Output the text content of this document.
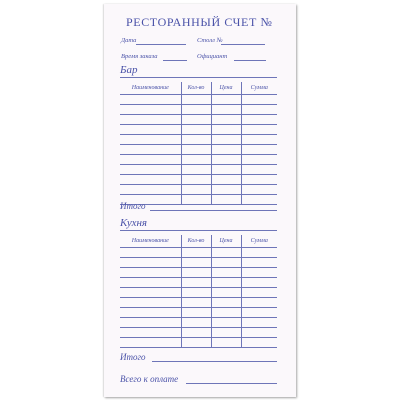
РЕСТОРАННЫЙ СЧЕТ №
Дата	Столл №
Время заказа	Официант
Бар
Наименование	Кол-во	Цена	Сумма

Итого
Кухня
Наименование	Кол-во	Цена	Сумма

Итого
Всего к оплате
